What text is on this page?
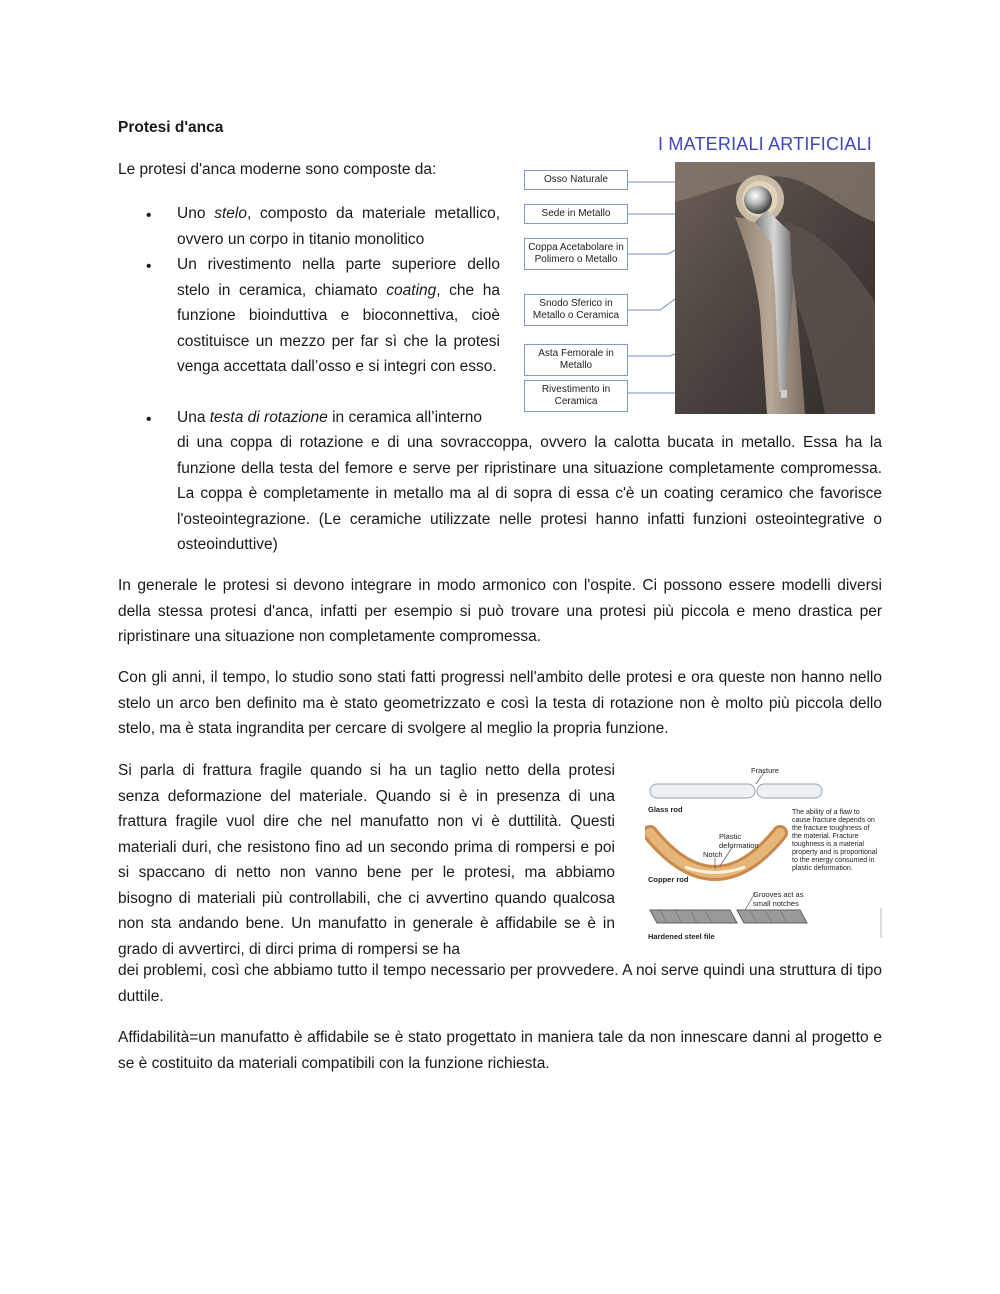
Protesi d'anca

Le protesi d'anca moderne sono composte da:

• Uno stelo, composto da materiale metallico, ovvero un corpo in titanio monolitico

• Un rivestimento nella parte superiore dello stelo in ceramica, chiamato coating, che ha funzione bioinduttiva e bioconnettiva, cioè costituisce un mezzo per far sì che la protesi venga accettata dall’osso e si integri con esso.

• Una testa di rotazione in ceramica all’interno

di una coppa di rotazione e di una sovraccoppa, ovvero la calotta bucata in metallo. Essa ha la funzione della testa del femore e serve per ripristinare una situazione completamente compromessa. La coppa è completamente in metallo ma al di sopra di essa c'è un coating ceramico che favorisce l'osteointegrazione. (Le ceramiche utilizzate nelle protesi hanno infatti funzioni osteointegrative o osteoinduttive)

In generale le protesi si devono integrare in modo armonico con l'ospite. Ci possono essere modelli diversi della stessa protesi d'anca, infatti per esempio si può trovare una protesi più piccola e meno drastica per ripristinare una situazione non completamente compromessa.

Con gli anni, il tempo, lo studio sono stati fatti progressi nell'ambito delle protesi e ora queste non hanno nello stelo un arco ben definito ma è stato geometrizzato e così la testa di rotazione non è molto più piccola dello stelo, ma è stata ingrandita per cercare di svolgere al meglio la propria funzione.

Si parla di frattura fragile quando si ha un taglio netto della protesi senza deformazione del materiale. Quando si è in presenza di una frattura fragile vuol dire che nel manufatto non vi è duttilità. Questi materiali duri, che resistono fino ad un secondo prima di rompersi e poi si spaccano di netto non vanno bene per le protesi, ma abbiamo bisogno di materiali più controllabili, che ci avvertino quando qualcosa non sta andando bene. Un manufatto in generale è affidabile se è in grado di avvertirci, di dirci prima di rompersi se ha

dei problemi, così che abbiamo tutto il tempo necessario per provvedere. A noi serve quindi una struttura di tipo duttile.

Affidabilità=un manufatto è affidabile se è stato progettato in maniera tale da non innescare danni al progetto e se è costituito da materiali compatibili con la funzione richiesta.

I MATERIALI ARTIFICIALI
Osso Naturale
Sede in Metallo
Coppa Acetabolare in Polimero o Metallo
Snodo Sferico in Metallo o Ceramica
Asta Femorale in Metallo
Rivestimento in Ceramica
Fracture
Glass rod
Plastic deformation
Notch
Copper rod
Grooves act as small notches
Hardened steel file
The ability of a flaw to cause fracture depends on the fracture toughness of the material. Fracture toughness is a material property and is proportional to the energy consumed in plastic deformation.
